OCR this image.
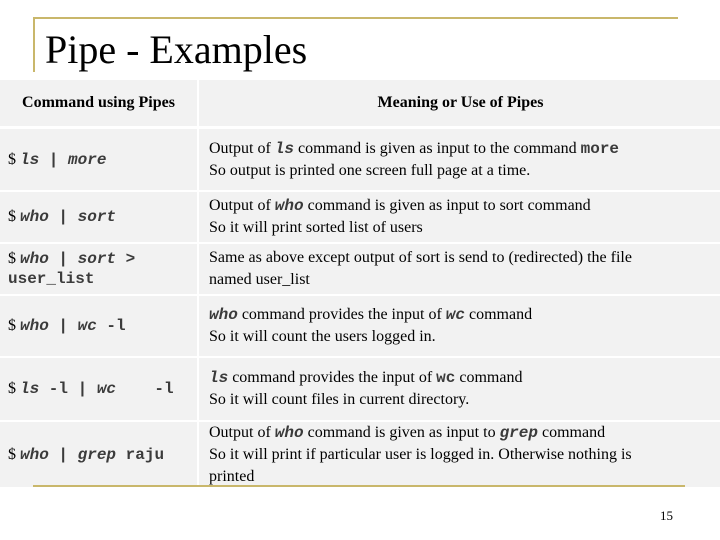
Pipe - Examples
Command using Pipes	Meaning or Use of Pipes
$ ls | more
Output of ls command is given as input to the command more
So output is printed one screen full page at a time.
$ who | sort
Output of who command is given as input to sort command
So it will print sorted list of users
$ who | sort >
user_list
Same as above except output of sort is send to (redirected) the file
named user_list
$ who | wc -l
who command provides the input of wc command
So it will count the users logged in.
$ ls -l | wc    -l
ls command provides the input of wc command
So it will count files in current directory.
$ who | grep raju
Output of who command is given as input to grep command
So it will print if particular user is logged in. Otherwise nothing is
printed
15
